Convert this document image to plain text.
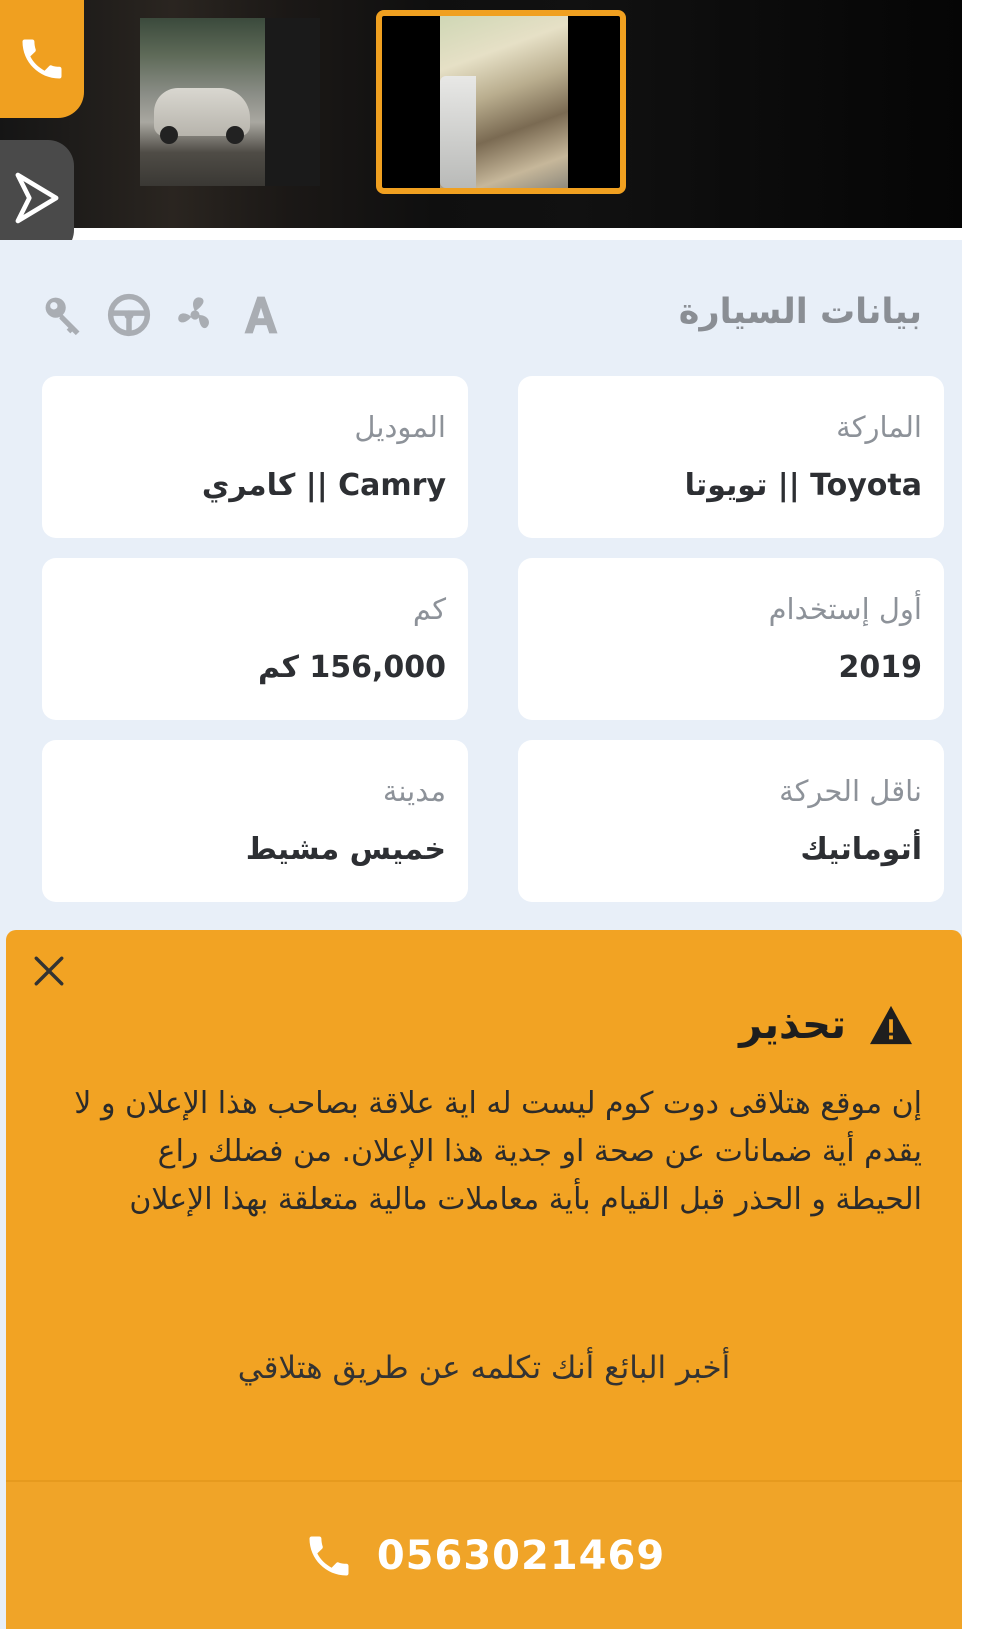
بيانات السيارة
الماركة
Toyota || تويوتا
الموديل
Camry || كامري
أول إستخدام
2019
كم
156,000 كم
ناقل الحركة
أتوماتيك
مدينة
خميس مشيط
تحذير
إن موقع هتلاقى دوت كوم ليست له اية علاقة بصاحب هذا الإعلان و لا يقدم أية ضمانات عن صحة او جدية هذا الإعلان. من فضلك راع الحيطة و الحذر قبل القيام بأية معاملات مالية متعلقة بهذا الإعلان
أخبر البائع أنك تكلمه عن طريق هتلاقي
0563021469
